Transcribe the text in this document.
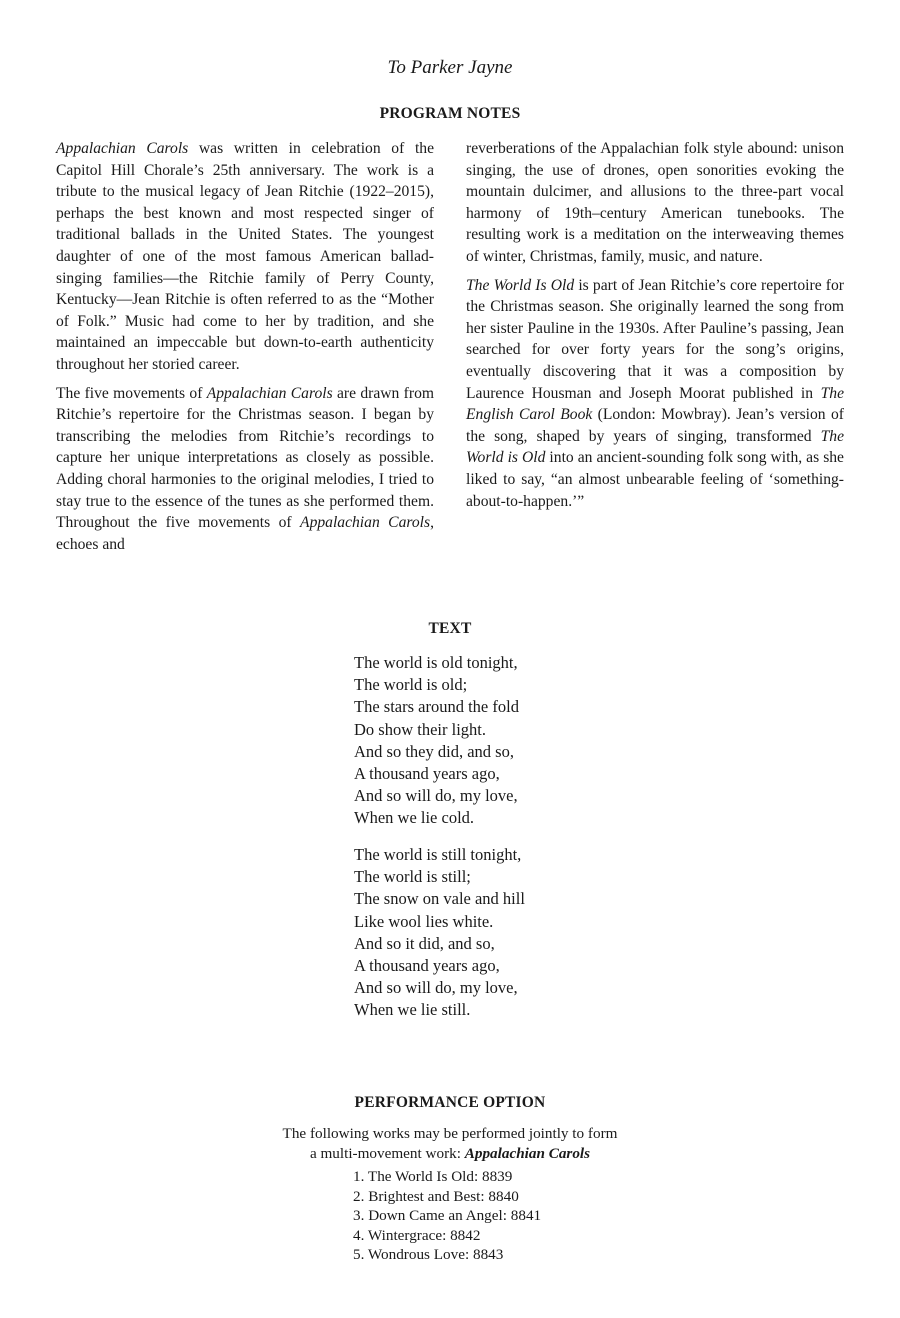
To Parker Jayne
PROGRAM NOTES

Appalachian Carols was written in celebration of the Capitol Hill Chorale’s 25th anniversary. The work is a tribute to the musical legacy of Jean Ritchie (1922–2015), perhaps the best known and most respected singer of traditional ballads in the United States. The youngest daughter of one of the most famous American ballad-singing families—the Ritchie family of Perry County, Kentucky—Jean Ritchie is often referred to as the “Mother of Folk.” Music had come to her by tradition, and she maintained an impeccable but down-to-earth authenticity throughout her storied career.

The five movements of Appalachian Carols are drawn from Ritchie’s repertoire for the Christmas season. I began by transcribing the melodies from Ritchie’s recordings to capture her unique interpretations as closely as possible. Adding choral harmonies to the original melodies, I tried to stay true to the essence of the tunes as she performed them. Throughout the five movements of Appalachian Carols, echoes and

reverberations of the Appalachian folk style abound: unison singing, the use of drones, open sonorities evoking the mountain dulcimer, and allusions to the three-part vocal harmony of 19th–century American tunebooks. The resulting work is a meditation on the interweaving themes of winter, Christmas, family, music, and nature.

The World Is Old is part of Jean Ritchie’s core repertoire for the Christmas season. She originally learned the song from her sister Pauline in the 1930s. After Pauline’s passing, Jean searched for over forty years for the song’s origins, eventually discovering that it was a composition by Laurence Housman and Joseph Moorat published in The English Carol Book (London: Mowbray). Jean’s version of the song, shaped by years of singing, transformed The World is Old into an ancient-sounding folk song with, as she liked to say, “an almost unbearable feeling of ‘something-about-to-happen.’”

TEXT
The world is old tonight,
The world is old;
The stars around the fold
Do show their light.
And so they did, and so,
A thousand years ago,
And so will do, my love,
When we lie cold.
The world is still tonight,
The world is still;
The snow on vale and hill
Like wool lies white.
And so it did, and so,
A thousand years ago,
And so will do, my love,
When we lie still.
PERFORMANCE OPTION
The following works may be performed jointly to form
a multi-movement work: Appalachian Carols
1. The World Is Old: 8839
2. Brightest and Best: 8840
3. Down Came an Angel: 8841
4. Wintergrace: 8842
5. Wondrous Love: 8843
